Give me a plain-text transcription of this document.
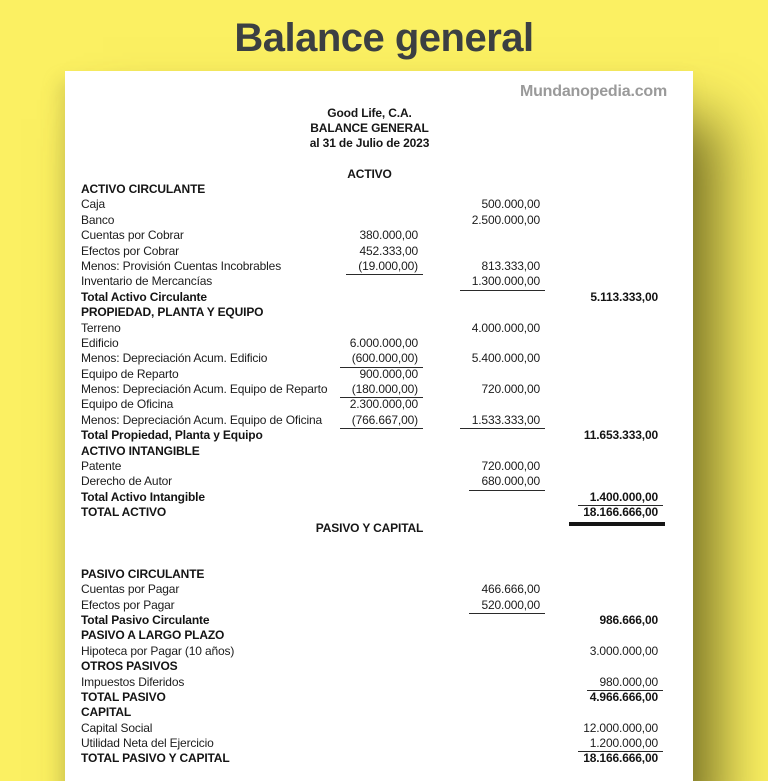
Balance general
Mundanopedia.com
Good Life, C.A.
BALANCE GENERAL
al 31 de Julio de 2023
ACTIVO
ACTIVO CIRCULANTE
Caja	500.000,00
Banco	2.500.000,00
Cuentas por Cobrar	380.000,00
Efectos por Cobrar	452.333,00
Menos: Provisión Cuentas Incobrables	(19.000,00)	813.333,00
Inventario de Mercancías	1.300.000,00
Total Activo Circulante	5.113.333,00
PROPIEDAD, PLANTA Y EQUIPO
Terreno	4.000.000,00
Edificio	6.000.000,00
Menos: Depreciación Acum. Edificio	(600.000,00)	5.400.000,00
Equipo de Reparto	900.000,00
Menos: Depreciación Acum. Equipo de Reparto	(180.000,00)	720.000,00
Equipo de Oficina	2.300.000,00
Menos: Depreciación Acum. Equipo de Oficina	(766.667,00)	1.533.333,00
Total Propiedad, Planta y Equipo	11.653.333,00
ACTIVO INTANGIBLE
Patente	720.000,00
Derecho de Autor	680.000,00
Total Activo Intangible	1.400.000,00
TOTAL ACTIVO	18.166.666,00
PASIVO Y CAPITAL
PASIVO CIRCULANTE
Cuentas por Pagar	466.666,00
Efectos por Pagar	520.000,00
Total Pasivo Circulante	986.666,00
PASIVO A LARGO PLAZO
Hipoteca por Pagar (10 años)	3.000.000,00
OTROS PASIVOS
Impuestos Diferidos	980.000,00
TOTAL PASIVO	4.966.666,00
CAPITAL
Capital Social	12.000.000,00
Utilidad Neta del Ejercicio	1.200.000,00
TOTAL PASIVO Y CAPITAL	18.166.666,00
